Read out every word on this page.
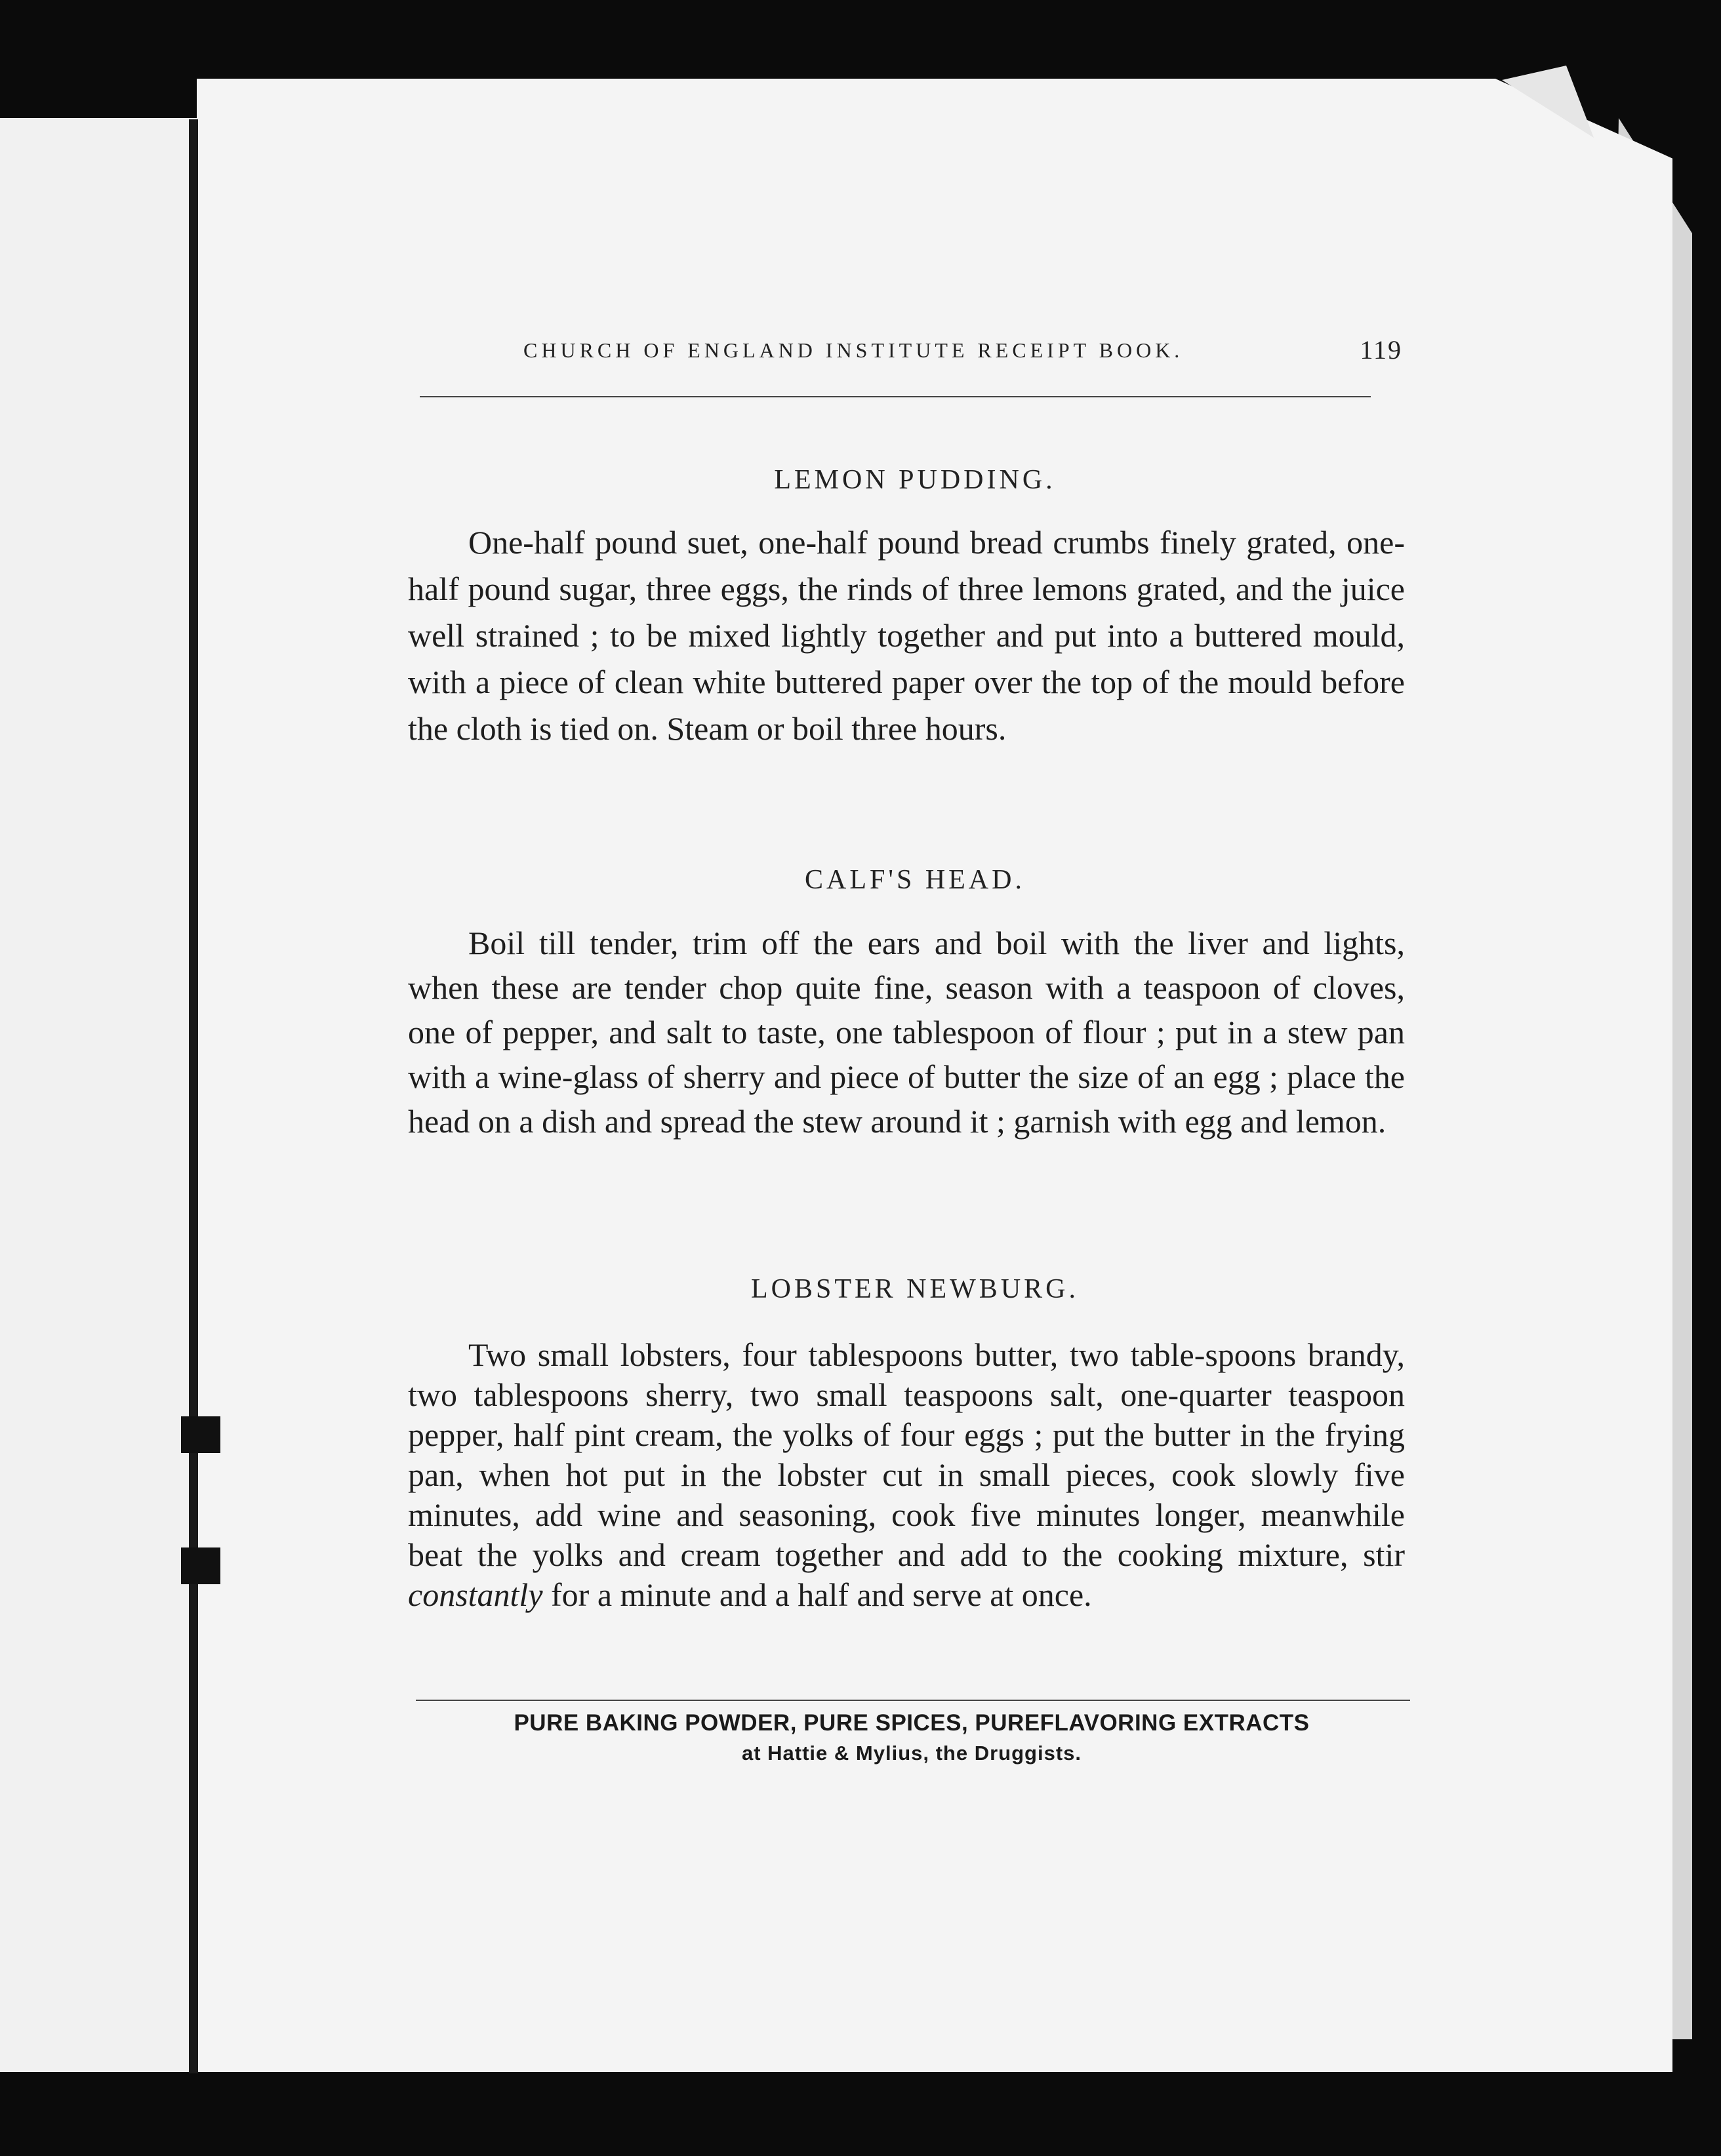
CHURCH OF ENGLAND INSTITUTE RECEIPT BOOK.	119
LEMON PUDDING.

One-half pound suet, one-half pound bread crumbs finely grated, one-half pound sugar, three eggs, the rinds of three lemons grated, and the juice well strained ; to be mixed lightly together and put into a buttered mould, with a piece of clean white buttered paper over the top of the mould before the cloth is tied on. Steam or boil three hours.

CALF'S HEAD.

Boil till tender, trim off the ears and boil with the liver and lights, when these are tender chop quite fine, season with a teaspoon of cloves, one of pepper, and salt to taste, one tablespoon of flour ; put in a stew pan with a wine-glass of sherry and piece of butter the size of an egg ; place the head on a dish and spread the stew around it ; garnish with egg and lemon.

LOBSTER NEWBURG.

Two small lobsters, four tablespoons butter, two table-spoons brandy, two tablespoons sherry, two small teaspoons salt, one-quarter teaspoon pepper, half pint cream, the yolks of four eggs ; put the butter in the frying pan, when hot put in the lobster cut in small pieces, cook slowly five minutes, add wine and seasoning, cook five minutes longer, meanwhile beat the yolks and cream together and add to the cooking mixture, stir constantly for a minute and a half and serve at once.

PURE BAKING POWDER, PURE SPICES, PUREFLAVORING EXTRACTS
at Hattie & Mylius, the Druggists.
